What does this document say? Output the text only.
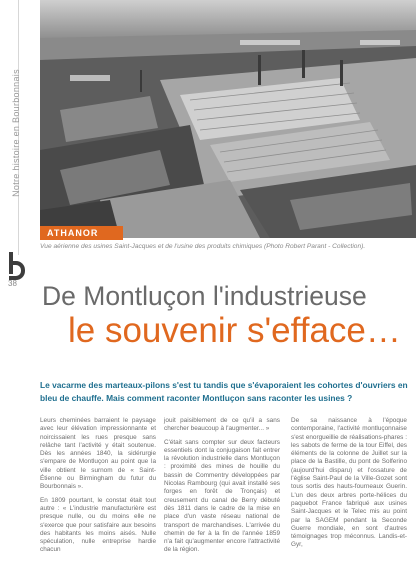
Notre histoire en Bourbonnais
38
ATHANOR
Vue aérienne des usines Saint-Jacques et de l'usine des produits chimiques (Photo Robert Parant - Collection).
De Montluçon l'industrieuse
le souvenir s'efface…
Le vacarme des marteaux-pilons s'est tu tandis que s'évaporaient les cohortes d'ouvriers en bleu de chauffe. Mais comment raconter Montluçon sans raconter les usines ?

Leurs cheminées barraient le paysage avec leur élévation impressionnante et noircissaient les rues presque sans relâche tant l'activité y était soutenue. Dès les années 1840, la sidérurgie s'empare de Montluçon au point que la ville obtient le surnom de « Saint-Étienne ou Birmingham du futur du Bourbonnais ».

En 1809 pourtant, le constat était tout autre : « L'industrie manufacturière est presque nulle, ou du moins elle ne s'exerce que pour satisfaire aux besoins des habitants les moins aisés. Nulle spéculation, nulle entreprise hardie chacun

jouit paisiblement de ce qu'il a sans chercher beaucoup à l'augmenter... »

C'était sans compter sur deux facteurs essentiels dont la conjugaison fait entrer la révolution industrielle dans Montluçon : proximité des mines de houille du bassin de Commentry développées par Nicolas Rambourg (qui avait installé ses forges en forêt de Tronçais) et creusement du canal de Berry débuté dès 1811 dans le cadre de la mise en place d'un vaste réseau national de transport de marchandises. L'arrivée du chemin de fer à la fin de l'année 1859 n'a fait qu'augmenter encore l'attractivité de la région.

De sa naissance à l'époque contemporaine, l'activité montluçonnaise s'est enorgueillie de réalisations-phares : les sabots de ferme de la tour Eiffel, des éléments de la colonne de Juillet sur la place de la Bastille, du pont de Solferino (aujourd'hui disparu) et l'ossature de l'église Saint-Paul de la Ville-Gozet sont tous sortis des hauts-fourneaux Guerin. L'un des deux arbres porte-hélices du paquebot France fabriqué aux usines Saint-Jacques et le Telec mis au point par la SAGEM pendant la Seconde Guerre mondiale, en sont d'autres témoignages trop méconnus. Landis-et-Gyr,
